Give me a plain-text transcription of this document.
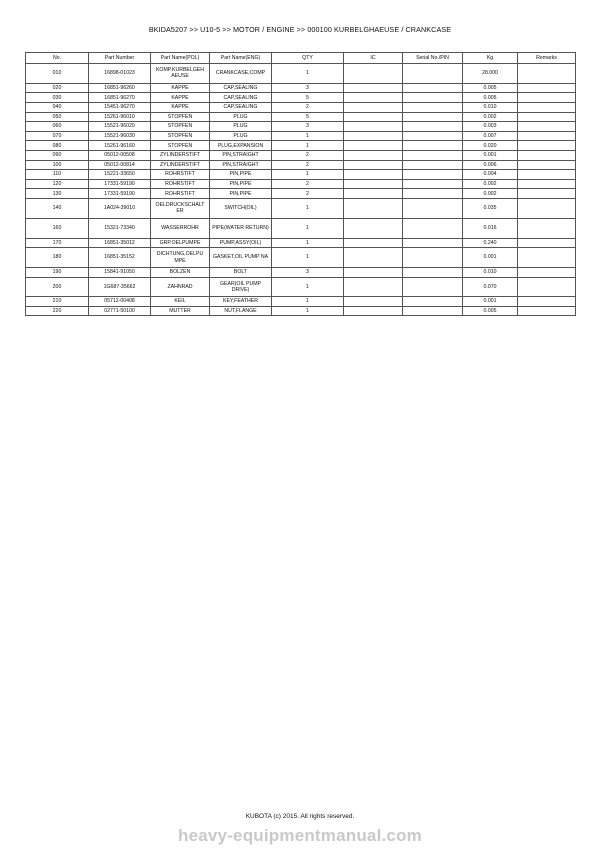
BKIDA5207 >> U10-5 >> MOTOR / ENGINE >> 000100 KURBELGHAEUSE / CRANKCASE
No.	Part Number	Part Name(POL)	Part Name(ENG)	QTY	IC	Serial No./PIN	Kg	Remarks
010	16898-01023	KOMP.KURBELGEH AEUSE	CRANKCASE,COMP	1			28.000	
020	16851-96260	KAPPE	CAP,SEALING	3			0.005	
030	16851-96270	KAPPE	CAP,SEALING	5			0.005	
040	15451-96270	KAPPE	CAP,SEALING	2			0.010	
050	15261-96010	STOPFEN	PLUG	5			0.002	
060	15521-96020	STOPFEN	PLUG	3			0.003	
070	15521-96030	STOPFEN	PLUG	1			0.007	
080	15261-96160	STOPFEN	PLUG,EXPANSION	1			0.020	
090	05012-00508	ZYLINDERSTIFT	PIN,STRAIGHT	2			0.001	
100	05012-00814	ZYLINDERSTIFT	PIN,STRAIGHT	2			0.006	
110	15221-33650	ROHRSTIFT	PIN,PIPE	1			0.004	
120	17331-59190	ROHRSTIFT	PIN,PIPE	2			0.002	
130	17331-59190	ROHRSTIFT	PIN,PIPE	2			0.002	
140	1A024-39010	OELDRUCKSCHALT ER	SWITCH(OIL)	1			0.035	
160	15321-73340	WASSERROHR	PIPE(WATER RETURN)	1			0.016	
170	16851-35012	GRP.OELPUMPE	PUMP,ASSY(OIL)	1			0.240	
180	16851-35152	DICHTUNG,OELPU MPE	GASKET,OIL PUMP NA	1			0.001	
190	15841-91050	BOLZEN	BOLT	3			0.010	
200	1G687-35662	ZAHNRAD	GEAR(OIL PUMP DRIVE)	1			0.070	
210	05712-00408	KEIL	KEY,FEATHER	1			0.001	
220	02771-50100	MUTTER	NUT,FLANGE	1			0.005	
KUBOTA (c) 2015. All rights reserved.
heavy-equipmentmanual.com
